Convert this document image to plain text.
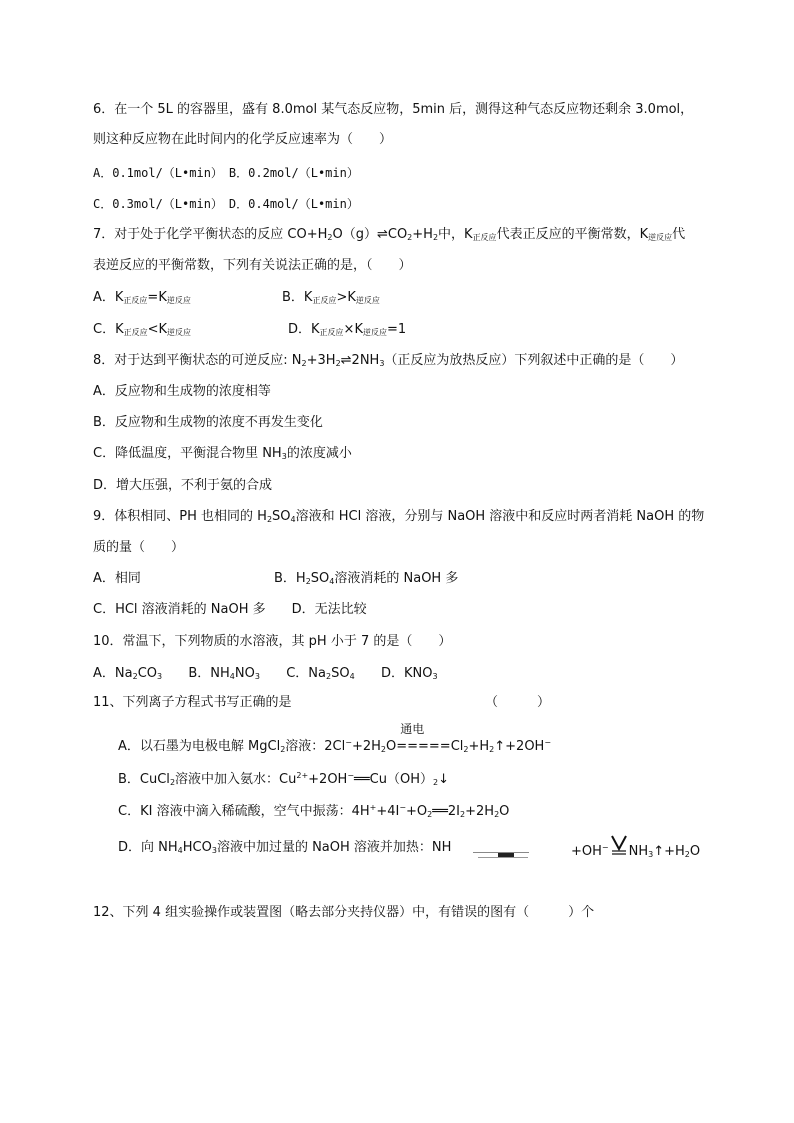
6．在一个 5L 的容器里，盛有 8.0mol 某气态反应物，5min 后，测得这种气态反应物还剩余 3.0mol，
则这种反应物在此时间内的化学反应速率为（　　）
A．0.1mol/（L•min）　B．0.2mol/（L•min）
C．0.3mol/（L•min）　D．0.4mol/（L•min）
7．对于处于化学平衡状态的反应 $CO+H_2O(g)\rightleftharpoons CO_2+H_2$中，$K_{正反应}$代表正反应的平衡常数，$K_{逆反应}$代
表逆反应的平衡常数，下列有关说法正确的是，（　　）
A．$K_{正反应}=K_{逆反应}$	B．$K_{正反应}>K_{逆反应}$
C．$K_{正反应}<K_{逆反应}$	D．$K_{正反应}\times K_{逆反应}=1$
8．对于达到平衡状态的可逆反应: $N_2+3H_2\rightleftharpoons 2NH_3$（正反应为放热反应）下列叙述中正确的是（　　）
A．反应物和生成物的浓度相等
B．反应物和生成物的浓度不再发生变化
C．降低温度，平衡混合物里 $NH_3$的浓度减小
D．增大压强，不利于氨的合成
9．体积相同、PH 也相同的 $H_2SO_4$溶液和 HCl 溶液，分别与 NaOH 溶液中和反应时两者消耗 NaOH 的物
质的量（　　）
A．相同	B．$H_2SO_4$溶液消耗的 NaOH 多
C．HCl 溶液消耗的 NaOH 多　　D．无法比较
10．常温下，下列物质的水溶液，其 pH 小于 7 的是（　　）
A．$Na_2CO_3$ B．$NH_4NO_3$ C．$Na_2SO_4$ D．$KNO_3$
11、下列离子方程式书写正确的是	（　　　）
A．以石墨为电极电解 MgCl$_2$溶液：$2Cl^-+2H_2O$
通电
$=====Cl_2+H_2↑+2OH^-$
B．CuCl$_2$溶液中加入氨水：$Cu^{2+}+2OH^-══Cu(OH)_2↓$
C．KI 溶液中滴入稀硫酸，空气中振荡：$4H^++4I^-+O_2══2I_2+2H_2O$
D．向 $NH_4HCO_3$溶液中加过量的 NaOH 溶液并加热：NH	+OH− $NH_3↑+H_2O$
12、下列 4 组实验操作或装置图（略去部分夹持仪器）中，有错误的图有（　　　）个
